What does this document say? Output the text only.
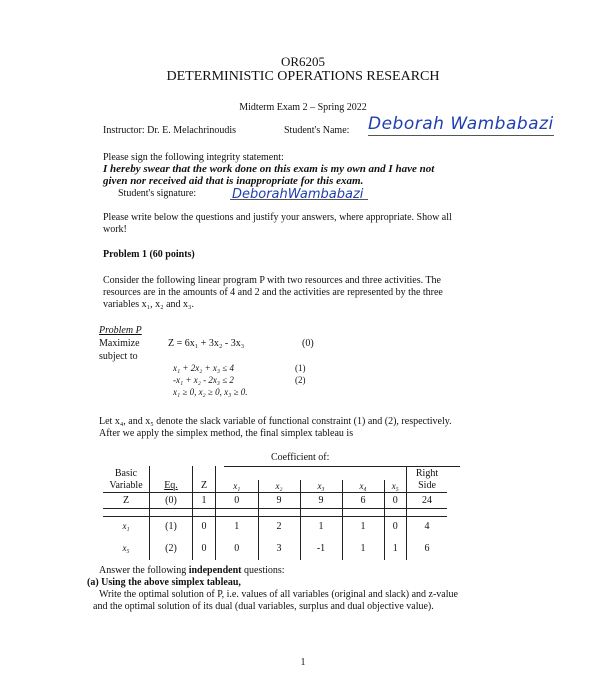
OR6205
DETERMINISTIC OPERATIONS RESEARCH
Midterm Exam 2 – Spring 2022
Instructor: Dr. E. Melachrinoudis	Student's Name: Deborah Wambabazi
Please sign the following integrity statement:
I hereby swear that the work done on this exam is my own and I have not
given nor received aid that is inappropriate for this exam.
Student's signature:	DeborahWambabazi
Please write below the questions and justify your answers, where appropriate. Show all
work!
Problem 1 (60 points)
Consider the following linear program P with two resources and three activities. The
resources are in the amounts of 4 and 2 and the activities are represented by the three
variables x₁, x₂ and x₃.
Problem P
Maximize	Z = 6x₁ + 3x₂ - 3x₃	(0)
subject to
x₁ + 2x₂ + x₃ ≤ 4	(1)
-x₁ + x₂ - 2x₃ ≤ 2	(2)
x₁ ≥ 0, x₂ ≥ 0, x₃ ≥ 0.
Let x₄, and x₅ denote the slack variable of functional constraint (1) and (2), respectively.
After we apply the simplex method, the final simplex tableau is
Coefficient of:
Basic								Right
Variable	Eq.	Z	x₁	x₂	x₃	x₄	x₅	Side
Z	(0)	1	0	9	9	6	0	24

x₁	(1)	0	1	2	1	1	0	4
x₅	(2)	0	0	3	-1	1	1	6
Answer the following independent questions:
(a) Using the above simplex tableau,
Write the optimal solution of P, i.e. values of all variables (original and slack) and z-value
and the optimal solution of its dual (dual variables, surplus and dual objective value).
1
